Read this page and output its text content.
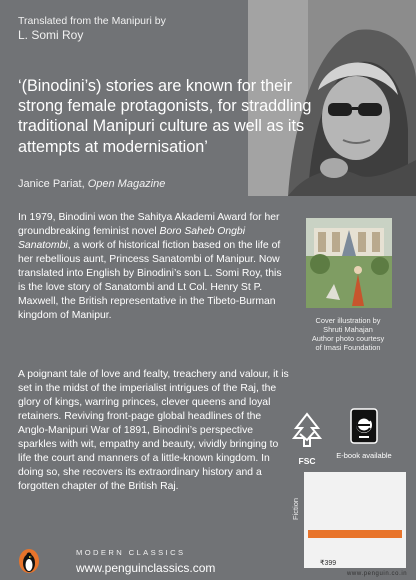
Translated from the Manipuri by
L. Somi Roy
‘(Binodini’s) stories are known for their strong female protagonists, for straddling traditional Manipuri culture as well as its attempts at modernisation’
Janice Pariat, Open Magazine
In 1979, Binodini won the Sahitya Akademi Award for her groundbreaking feminist novel Boro Saheb Ongbi Sanatombi, a work of historical fiction based on the life of her rebellious aunt, Princess Sanatombi of Manipur. Now translated into English by Binodini’s son L. Somi Roy, this is the love story of Sanatombi and Lt Col. Henry St P. Maxwell, the British representative in the Tibeto-Burman kingdom of Manipur.
A poignant tale of love and fealty, treachery and valour, it is set in the midst of the imperialist intrigues of the Raj, the glory of kings, warring princes, clever queens and loyal retainers. Reviving front-page global headlines of the Anglo-Manipuri War of 1891, Binodini’s perspective sparkles with wit, empathy and beauty, vividly bringing to life the court and manners of a little-known kingdom. In doing so, she recovers its extraordinary history and a forgotten chapter of the British Raj.
Cover illustration by
Shruti Mahajan
Author photo courtesy
of Imasi Foundation
FSC
E-book available
Fiction
₹399
www.penguin.co.in
MODERN CLASSICS
www.penguinclassics.com
